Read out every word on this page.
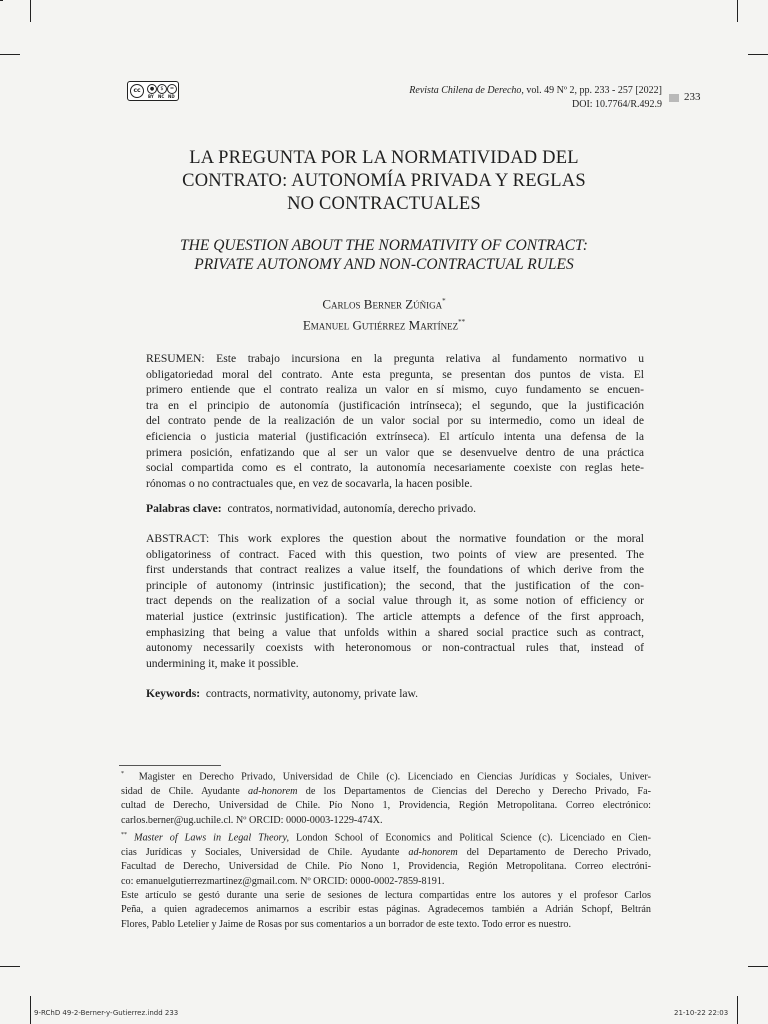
cc	●	$	=
BY NC ND
Revista Chilena de Derecho, vol. 49 Nº 2, pp. 233 - 257 [2022]
DOI: 10.7764/R.492.9
233
LA PREGUNTA POR LA NORMATIVIDAD DEL
CONTRATO: AUTONOMÍA PRIVADA Y REGLAS
NO CONTRACTUALES
THE QUESTION ABOUT THE NORMATIVITY OF CONTRACT:
PRIVATE AUTONOMY AND NON-CONTRACTUAL RULES
Carlos Berner Zúñiga*
Emanuel Gutiérrez Martínez**
RESUMEN: Este trabajo incursiona en la pregunta relativa al fundamento normativo u
obligatoriedad moral del contrato. Ante esta pregunta, se presentan dos puntos de vista. El
primero entiende que el contrato realiza un valor en sí mismo, cuyo fundamento se encuen-
tra en el principio de autonomía (justificación intrínseca); el segundo, que la justificación
del contrato pende de la realización de un valor social por su intermedio, como un ideal de
eficiencia o justicia material (justificación extrínseca). El artículo intenta una defensa de la
primera posición, enfatizando que al ser un valor que se desenvuelve dentro de una práctica
social compartida como es el contrato, la autonomía necesariamente coexiste con reglas hete-
rónomas o no contractuales que, en vez de socavarla, la hacen posible.
Palabras clave: contratos, normatividad, autonomía, derecho privado.
ABSTRACT: This work explores the question about the normative foundation or the moral
obligatoriness of contract. Faced with this question, two points of view are presented. The
first understands that contract realizes a value itself, the foundations of which derive from the
principle of autonomy (intrinsic justification); the second, that the justification of the con-
tract depends on the realization of a social value through it, as some notion of efficiency or
material justice (extrinsic justification). The article attempts a defence of the first approach,
emphasizing that being a value that unfolds within a shared social practice such as contract,
autonomy necessarily coexists with heteronomous or non-contractual rules that, instead of
undermining it, make it possible.
Keywords: contracts, normativity, autonomy, private law.
* Magister en Derecho Privado, Universidad de Chile (c). Licenciado en Ciencias Jurídicas y Sociales, Univer-
sidad de Chile. Ayudante ad-honorem de los Departamentos de Ciencias del Derecho y Derecho Privado, Fa-
cultad de Derecho, Universidad de Chile. Pío Nono 1, Providencia, Región Metropolitana. Correo electrónico:
carlos.berner@ug.uchile.cl. Nº ORCID: 0000-0003-1229-474X.
** Master of Laws in Legal Theory, London School of Economics and Political Science (c). Licenciado en Cien-
cias Jurídicas y Sociales, Universidad de Chile. Ayudante ad-honorem del Departamento de Derecho Privado,
Facultad de Derecho, Universidad de Chile. Pío Nono 1, Providencia, Región Metropolitana. Correo electróni-
co: emanuelgutierrezmartinez@gmail.com. Nº ORCID: 0000-0002-7859-8191.
Este artículo se gestó durante una serie de sesiones de lectura compartidas entre los autores y el profesor Carlos
Peña, a quien agradecemos animarnos a escribir estas páginas. Agradecemos también a Adrián Schopf, Beltrán
Flores, Pablo Letelier y Jaime de Rosas por sus comentarios a un borrador de este texto. Todo error es nuestro.
9-RChD 49-2-Berner-y-Gutierrez.indd 233	21-10-22 22:03
